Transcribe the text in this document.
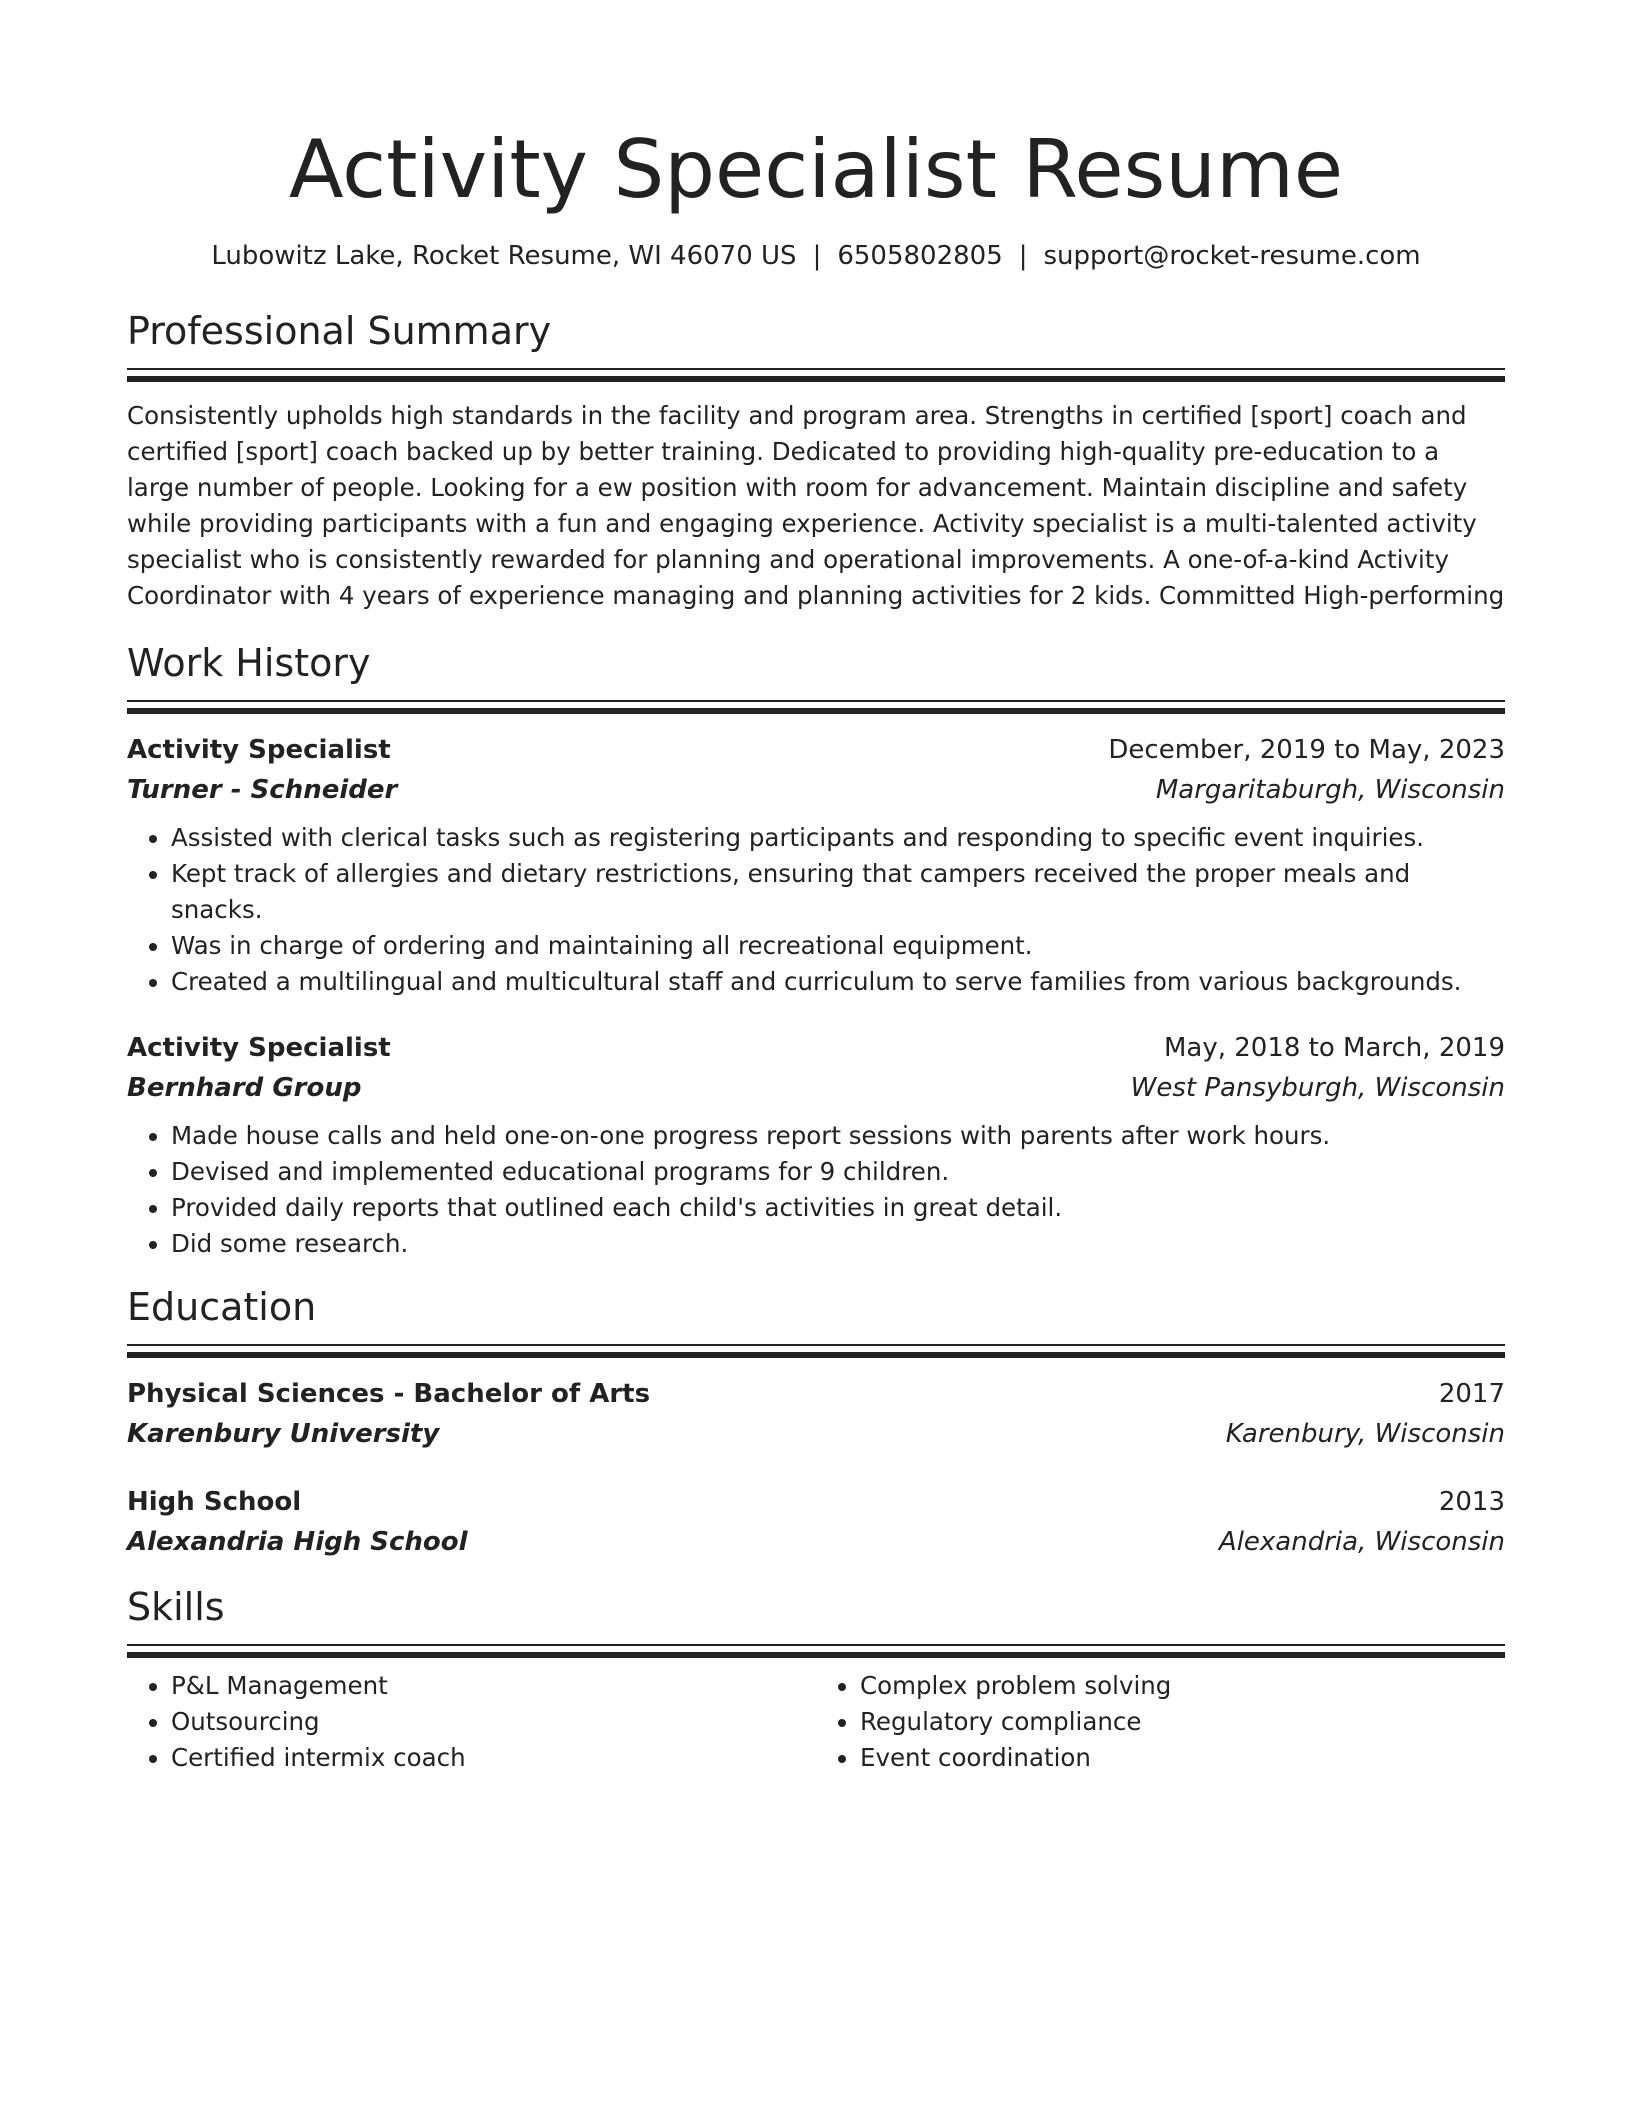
Activity Specialist Resume
Lubowitz Lake, Rocket Resume, WI 46070 US | 6505802805 | support@rocket-resume.com
Professional Summary

Consistently upholds high standards in the facility and program area. Strengths in certified [sport] coach and certified [sport] coach backed up by better training. Dedicated to providing high-quality pre-education to a large number of people. Looking for a ew position with room for advancement. Maintain discipline and safety while providing participants with a fun and engaging experience. Activity specialist is a multi-talented activity specialist who is consistently rewarded for planning and operational improvements. A one-of-a-kind Activity Coordinator with 4 years of experience managing and planning activities for 2 kids. Committed High-performing

Work History
Activity Specialist	December, 2019 to May, 2023
Turner - Schneider	Margaritaburgh, Wisconsin
• Assisted with clerical tasks such as registering participants and responding to specific event inquiries.
• Kept track of allergies and dietary restrictions, ensuring that campers received the proper meals and snacks.
• Was in charge of ordering and maintaining all recreational equipment.
• Created a multilingual and multicultural staff and curriculum to serve families from various backgrounds.
Activity Specialist	May, 2018 to March, 2019
Bernhard Group	West Pansyburgh, Wisconsin
• Made house calls and held one-on-one progress report sessions with parents after work hours.
• Devised and implemented educational programs for 9 children.
• Provided daily reports that outlined each child's activities in great detail.
• Did some research.
Education
Physical Sciences - Bachelor of Arts	2017
Karenbury University	Karenbury, Wisconsin
High School	2013
Alexandria High School	Alexandria, Wisconsin
Skills
• P&L Management
• Outsourcing
• Certified intermix coach
• Complex problem solving
• Regulatory compliance
• Event coordination
